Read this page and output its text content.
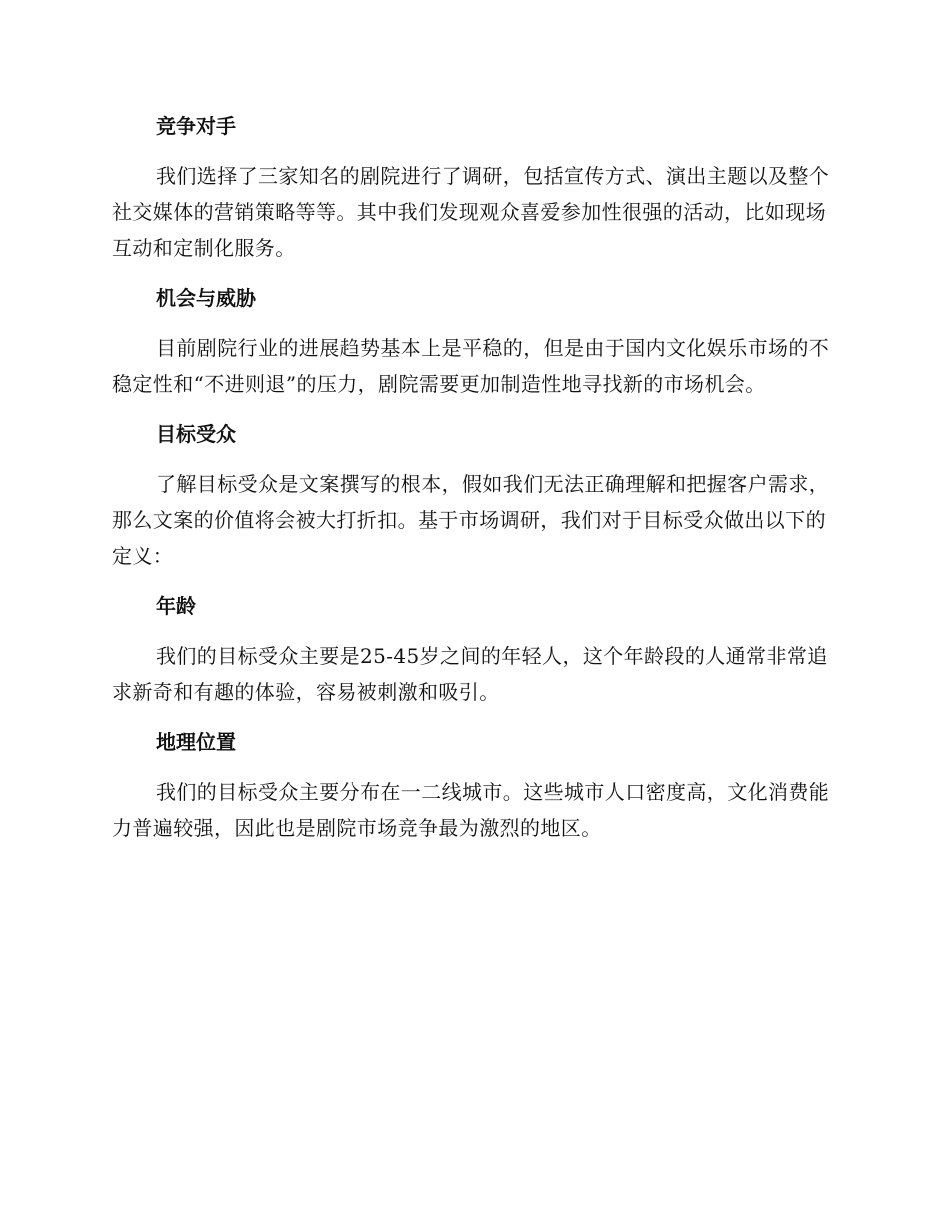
竞争对手

我们选择了三家知名的剧院进行了调研，包括宣传方式、演出主题以及整个社交媒体的营销策略等等。其中我们发现观众喜爱参加性很强的活动，比如现场互动和定制化服务。

机会与威胁

目前剧院行业的进展趋势基本上是平稳的，但是由于国内文化娱乐市场的不稳定性和“不进则退”的压力，剧院需要更加制造性地寻找新的市场机会。

目标受众

了解目标受众是文案撰写的根本，假如我们无法正确理解和把握客户需求，那么文案的价值将会被大打折扣。基于市场调研，我们对于目标受众做出以下的定义：

年龄

我们的目标受众主要是25-45岁之间的年轻人，这个年龄段的人通常非常追求新奇和有趣的体验，容易被刺激和吸引。

地理位置

我们的目标受众主要分布在一二线城市。这些城市人口密度高，文化消费能力普遍较强，因此也是剧院市场竞争最为激烈的地区。
